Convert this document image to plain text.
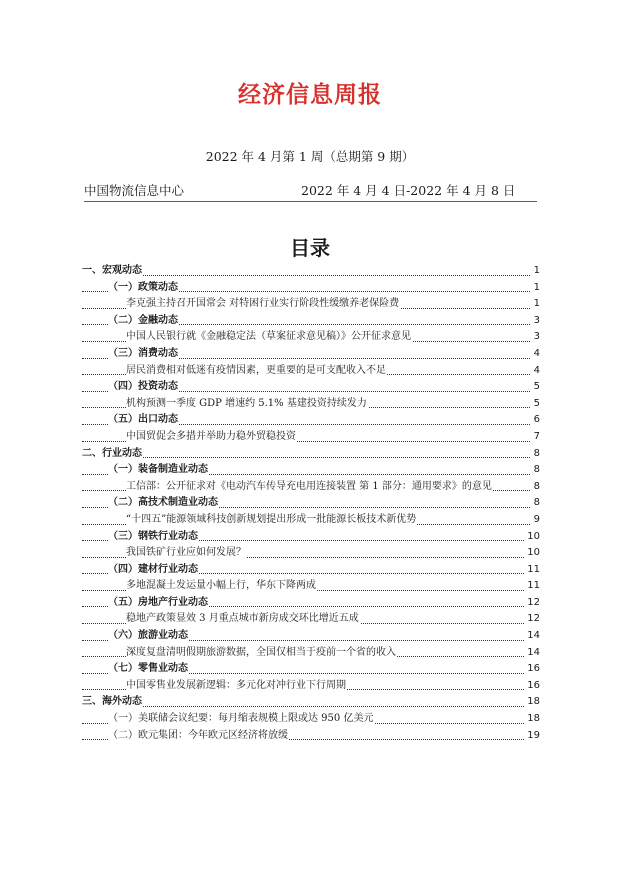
经济信息周报
2022 年 4 月第 1 周（总期第 9 期）
中国物流信息中心	2022 年 4 月 4 日-2022 年 4 月 8 日
目录
一、宏观动态	1
（一）政策动态	1
李克强主持召开国常会 对特困行业实行阶段性缓缴养老保险费	1
（二）金融动态	3
中国人民银行就《金融稳定法（草案征求意见稿）》公开征求意见	3
（三）消费动态	4
居民消费相对低迷有疫情因素，更重要的是可支配收入不足	4
（四）投资动态	5
机构预测一季度 GDP 增速约 5.1% 基建投资持续发力	5
（五）出口动态	6
中国贸促会多措并举助力稳外贸稳投资	7
二、行业动态	8
（一）装备制造业动态	8
工信部：公开征求对《电动汽车传导充电用连接装置 第 1 部分：通用要求》的意见	8
（二）高技术制造业动态	8
“十四五”能源领域科技创新规划提出形成一批能源长板技术新优势	9
（三）钢铁行业动态	10
我国铁矿行业应如何发展？	10
（四）建材行业动态	11
多地混凝土发运量小幅上行，华东下降两成	11
（五）房地产行业动态	12
稳地产政策显效 3 月重点城市新房成交环比增近五成	12
（六）旅游业动态	14
深度复盘清明假期旅游数据，全国仅相当于疫前一个省的收入	14
（七）零售业动态	16
中国零售业发展新逻辑：多元化对冲行业下行周期	16
三、海外动态	18
（一）美联储会议纪要：每月缩表规模上限或达 950 亿美元	18
（二）欧元集团：今年欧元区经济将放缓	19
